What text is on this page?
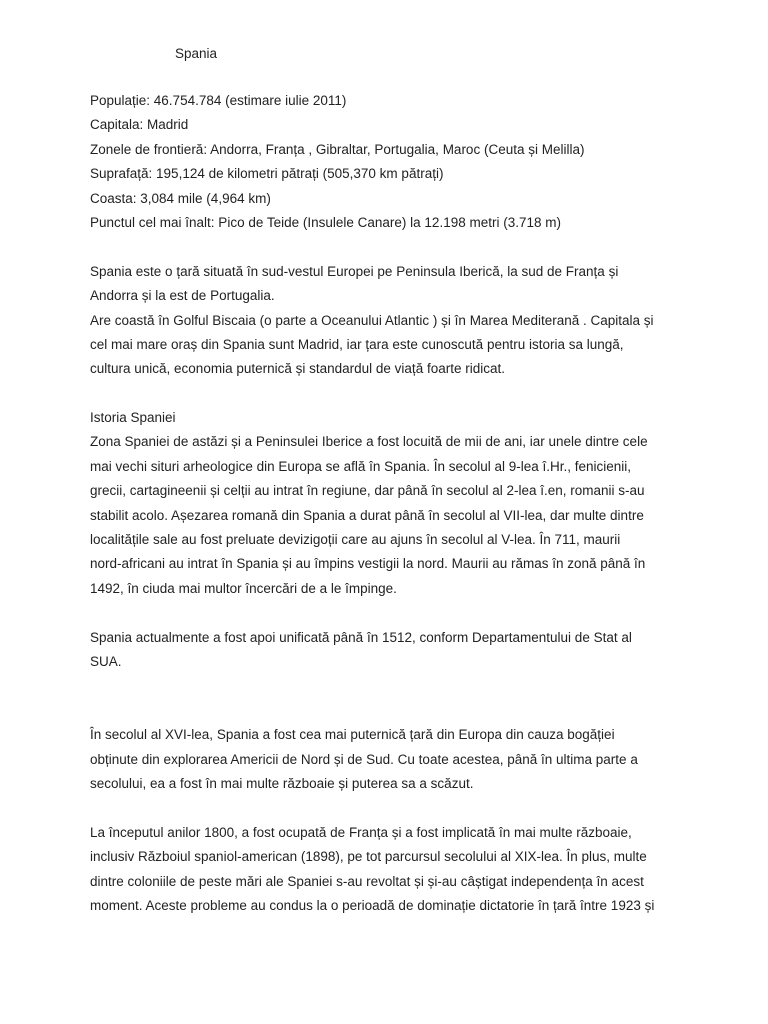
Spania

Populație: 46.754.784 (estimare iulie 2011)
Capitala: Madrid
Zonele de frontieră: Andorra, Franța , Gibraltar, Portugalia, Maroc (Ceuta și Melilla)
Suprafață: 195,124 de kilometri pătrați (505,370 km pătrați)
Coasta: 3,084 mile (4,964 km)
Punctul cel mai înalt: Pico de Teide (Insulele Canare) la 12.198 metri (3.718 m)
Spania este o țară situată în sud-vestul Europei pe Peninsula Iberică, la sud de Franța și
Andorra și la est de Portugalia.
Are coastă în Golful Biscaia (o parte a Oceanului Atlantic ) și în Marea Mediterană . Capitala și
cel mai mare oraș din Spania sunt Madrid, iar țara este cunoscută pentru istoria sa lungă,
cultura unică, economia puternică și standardul de viață foarte ridicat.
Istoria Spaniei
Zona Spaniei de astăzi și a Peninsulei Iberice a fost locuită de mii de ani, iar unele dintre cele
mai vechi situri arheologice din Europa se află în Spania. În secolul al 9-lea î.Hr., fenicienii,
grecii, cartagineenii și celții au intrat în regiune, dar până în secolul al 2-lea î.en, romanii s-au
stabilit acolo. Așezarea romană din Spania a durat până în secolul al VII-lea, dar multe dintre
localitățile sale au fost preluate devizigoții care au ajuns în secolul al V-lea. În 711, maurii
nord-africani au intrat în Spania și au împins vestigii la nord. Maurii au rămas în zonă până în
1492, în ciuda mai multor încercări de a le împinge.
Spania actualmente a fost apoi unificată până în 1512, conform Departamentului de Stat al
SUA.
În secolul al XVI-lea, Spania a fost cea mai puternică țară din Europa din cauza bogăției
obținute din explorarea Americii de Nord și de Sud. Cu toate acestea, până în ultima parte a
secolului, ea a fost în mai multe războaie și puterea sa a scăzut.
La începutul anilor 1800, a fost ocupată de Franța și a fost implicată în mai multe războaie,
inclusiv Războiul spaniol-american (1898), pe tot parcursul secolului al XIX-lea. În plus, multe
dintre coloniile de peste mări ale Spaniei s-au revoltat și și-au câștigat independența în acest
moment. Aceste probleme au condus la o perioadă de dominație dictatorie în țară între 1923 și
